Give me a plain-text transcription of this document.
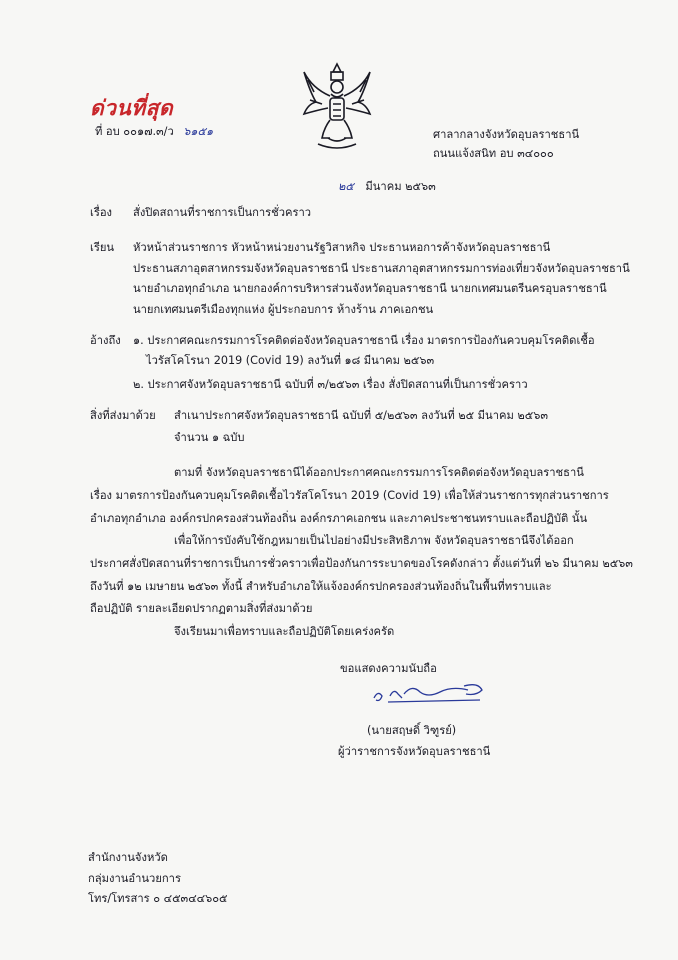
ด่วนที่สุด
ที่ อบ ๐๐๑๗.๓/ว ๖๑๕๑	ศาลากลางจังหวัดอุบลราชธานี
ถนนแจ้งสนิท อบ ๓๔๐๐๐
๒๕ มีนาคม ๒๕๖๓
เรื่อง สั่งปิดสถานที่ราชการเป็นการชั่วคราว
เรียน หัวหน้าส่วนราชการ หัวหน้าหน่วยงานรัฐวิสาหกิจ ประธานหอการค้าจังหวัดอุบลราชธานี
ประธานสภาอุตสาหกรรมจังหวัดอุบลราชธานี ประธานสภาอุตสาหกรรมการท่องเที่ยวจังหวัดอุบลราชธานี
นายอำเภอทุกอำเภอ นายกองค์การบริหารส่วนจังหวัดอุบลราชธานี นายกเทศมนตรีนครอุบลราชธานี
นายกเทศมนตรีเมืองทุกแห่ง ผู้ประกอบการ ห้างร้าน ภาคเอกชน
อ้างถึง ๑. ประกาศคณะกรรมการโรคติดต่อจังหวัดอุบลราชธานี เรื่อง มาตรการป้องกันควบคุมโรคติดเชื้อ
ไวรัสโคโรนา 2019 (Covid 19) ลงวันที่ ๑๘ มีนาคม ๒๕๖๓
๒. ประกาศจังหวัดอุบลราชธานี ฉบับที่ ๓/๒๕๖๓ เรื่อง สั่งปิดสถานที่เป็นการชั่วคราว
สิ่งที่ส่งมาด้วย สำเนาประกาศจังหวัดอุบลราชธานี ฉบับที่ ๕/๒๕๖๓ ลงวันที่ ๒๕ มีนาคม ๒๕๖๓
จำนวน ๑ ฉบับ
ตามที่ จังหวัดอุบลราชธานีได้ออกประกาศคณะกรรมการโรคติดต่อจังหวัดอุบลราชธานี
เรื่อง มาตรการป้องกันควบคุมโรคติดเชื้อไวรัสโคโรนา 2019 (Covid 19) เพื่อให้ส่วนราชการทุกส่วนราชการ
อำเภอทุกอำเภอ องค์กรปกครองส่วนท้องถิ่น องค์กรภาคเอกชน และภาคประชาชนทราบและถือปฏิบัติ นั้น
เพื่อให้การบังคับใช้กฎหมายเป็นไปอย่างมีประสิทธิภาพ จังหวัดอุบลราชธานีจึงได้ออก
ประกาศสั่งปิดสถานที่ราชการเป็นการชั่วคราวเพื่อป้องกันการระบาดของโรคดังกล่าว ตั้งแต่วันที่ ๒๖ มีนาคม ๒๕๖๓
ถึงวันที่ ๑๒ เมษายน ๒๕๖๓ ทั้งนี้ สำหรับอำเภอให้แจ้งองค์กรปกครองส่วนท้องถิ่นในพื้นที่ทราบและ
ถือปฏิบัติ รายละเอียดปรากฏตามสิ่งที่ส่งมาด้วย
จึงเรียนมาเพื่อทราบและถือปฏิบัติโดยเคร่งครัด
ขอแสดงความนับถือ
(นายสฤษดิ์ วิฑูรย์)
ผู้ว่าราชการจังหวัดอุบลราชธานี
สำนักงานจังหวัด
กลุ่มงานอำนวยการ
โทร/โทรสาร ๐ ๔๕๓๔๔๖๐๕
